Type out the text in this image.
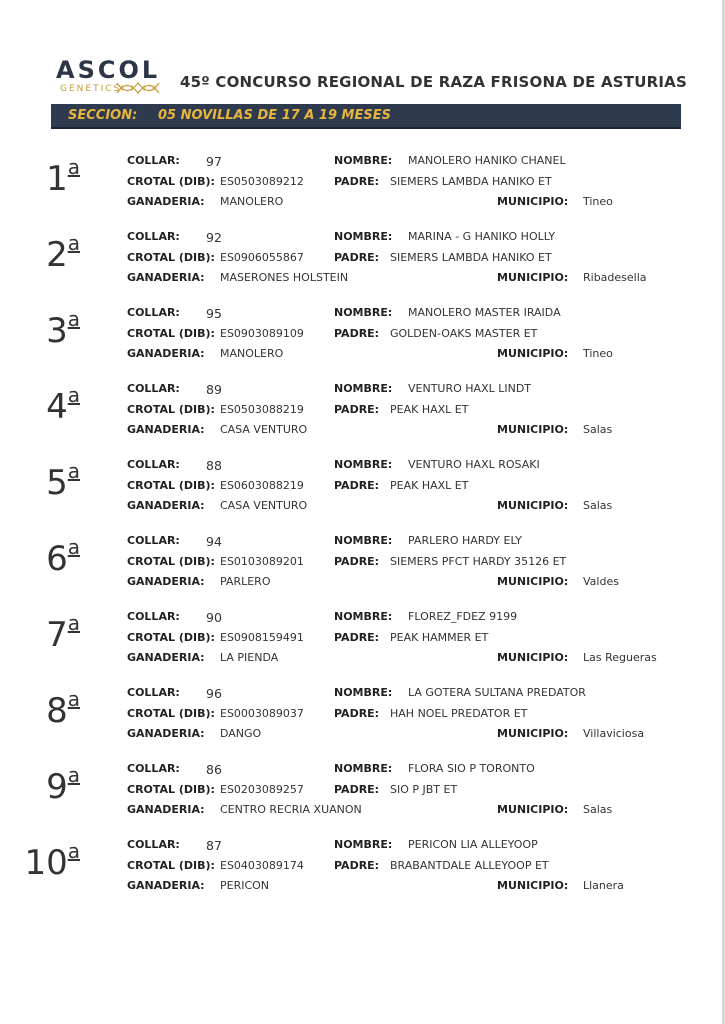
ASCOL
GENETICS	45º CONCURSO REGIONAL DE RAZA FRISONA DE ASTURIAS
SECCION: 05 NOVILLAS DE 17 A 19 MESES
1$^a$	COLLAR: 97	NOMBRE: MANOLERO HANIKO CHANEL
CROTAL (DIB): ES0503089212	PADRE: SIEMERS LAMBDA HANIKO ET
GANADERIA: MANOLERO	MUNICIPIO: Tineo
2$^a$	COLLAR: 92	NOMBRE: MARINA - G HANIKO HOLLY
CROTAL (DIB): ES0906055867	PADRE: SIEMERS LAMBDA HANIKO ET
GANADERIA: MASERONES HOLSTEIN	MUNICIPIO: Ribadesella
3$^a$	COLLAR: 95	NOMBRE: MANOLERO MASTER IRAIDA
CROTAL (DIB): ES0903089109	PADRE: GOLDEN-OAKS MASTER ET
GANADERIA: MANOLERO	MUNICIPIO: Tineo
4$^a$	COLLAR: 89	NOMBRE: VENTURO HAXL LINDT
CROTAL (DIB): ES0503088219	PADRE: PEAK HAXL ET
GANADERIA: CASA VENTURO	MUNICIPIO: Salas
5$^a$	COLLAR: 88	NOMBRE: VENTURO HAXL ROSAKI
CROTAL (DIB): ES0603088219	PADRE: PEAK HAXL ET
GANADERIA: CASA VENTURO	MUNICIPIO: Salas
6$^a$	COLLAR: 94	NOMBRE: PARLERO HARDY ELY
CROTAL (DIB): ES0103089201	PADRE: SIEMERS PFCT HARDY 35126 ET
GANADERIA: PARLERO	MUNICIPIO: Valdes
7$^a$	COLLAR: 90	NOMBRE: FLOREZ_FDEZ 9199
CROTAL (DIB): ES0908159491	PADRE: PEAK HAMMER ET
GANADERIA: LA PIENDA	MUNICIPIO: Las Regueras
8$^a$	COLLAR: 96	NOMBRE: LA GOTERA SULTANA PREDATOR
CROTAL (DIB): ES0003089037	PADRE: HAH NOEL PREDATOR ET
GANADERIA: DANGO	MUNICIPIO: Villaviciosa
9$^a$	COLLAR: 86	NOMBRE: FLORA SIO P TORONTO
CROTAL (DIB): ES0203089257	PADRE: SIO P JBT ET
GANADERIA: CENTRO RECRIA XUANON	MUNICIPIO: Salas
10$^a$	COLLAR: 87	NOMBRE: PERICON LIA ALLEYOOP
CROTAL (DIB): ES0403089174	PADRE: BRABANTDALE ALLEYOOP ET
GANADERIA: PERICON	MUNICIPIO: Llanera
